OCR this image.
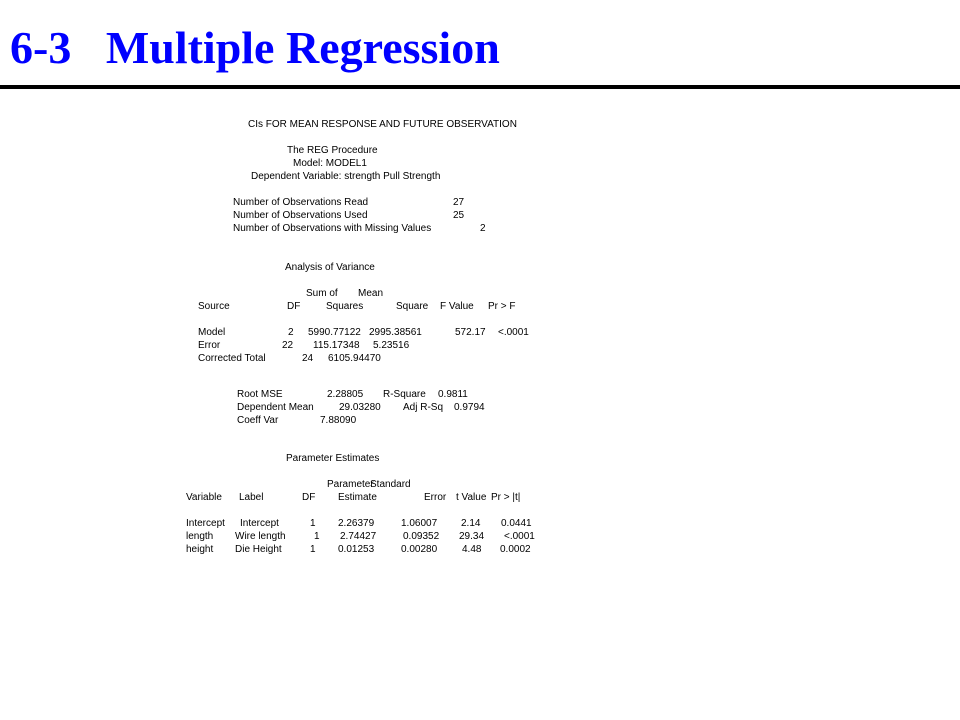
6-3   Multiple Regression
CIs FOR MEAN RESPONSE AND FUTURE OBSERVATION
The REG Procedure
Model: MODEL1
Dependent Variable: strength Pull Strength
Number of Observations Read	27
Number of Observations Used	25
Number of Observations with Missing Values	2
Analysis of Variance
Sum of Mean
Source	DF	Squares	Square F Value Pr > F
Model	2 5990.77122 2995.38561	572.17 <.0001
Error	22 115.17348 5.23516
Corrected Total	24 6105.94470
Root MSE	2.28805 R-Square 0.9811
Dependent Mean	29.03280 Adj R-Sq 0.9794
Coeff Var	7.88090
Parameter Estimates
Parameter
Standard
Variable Label	DF Estimate	Error t Value Pr > |t|
Intercept Intercept	1 2.26379	1.06007 2.14 0.0441
length Wire length	1 2.74427	0.09352 29.34 <.0001
height Die Height	1 0.01253	0.00280 4.48 0.0002
